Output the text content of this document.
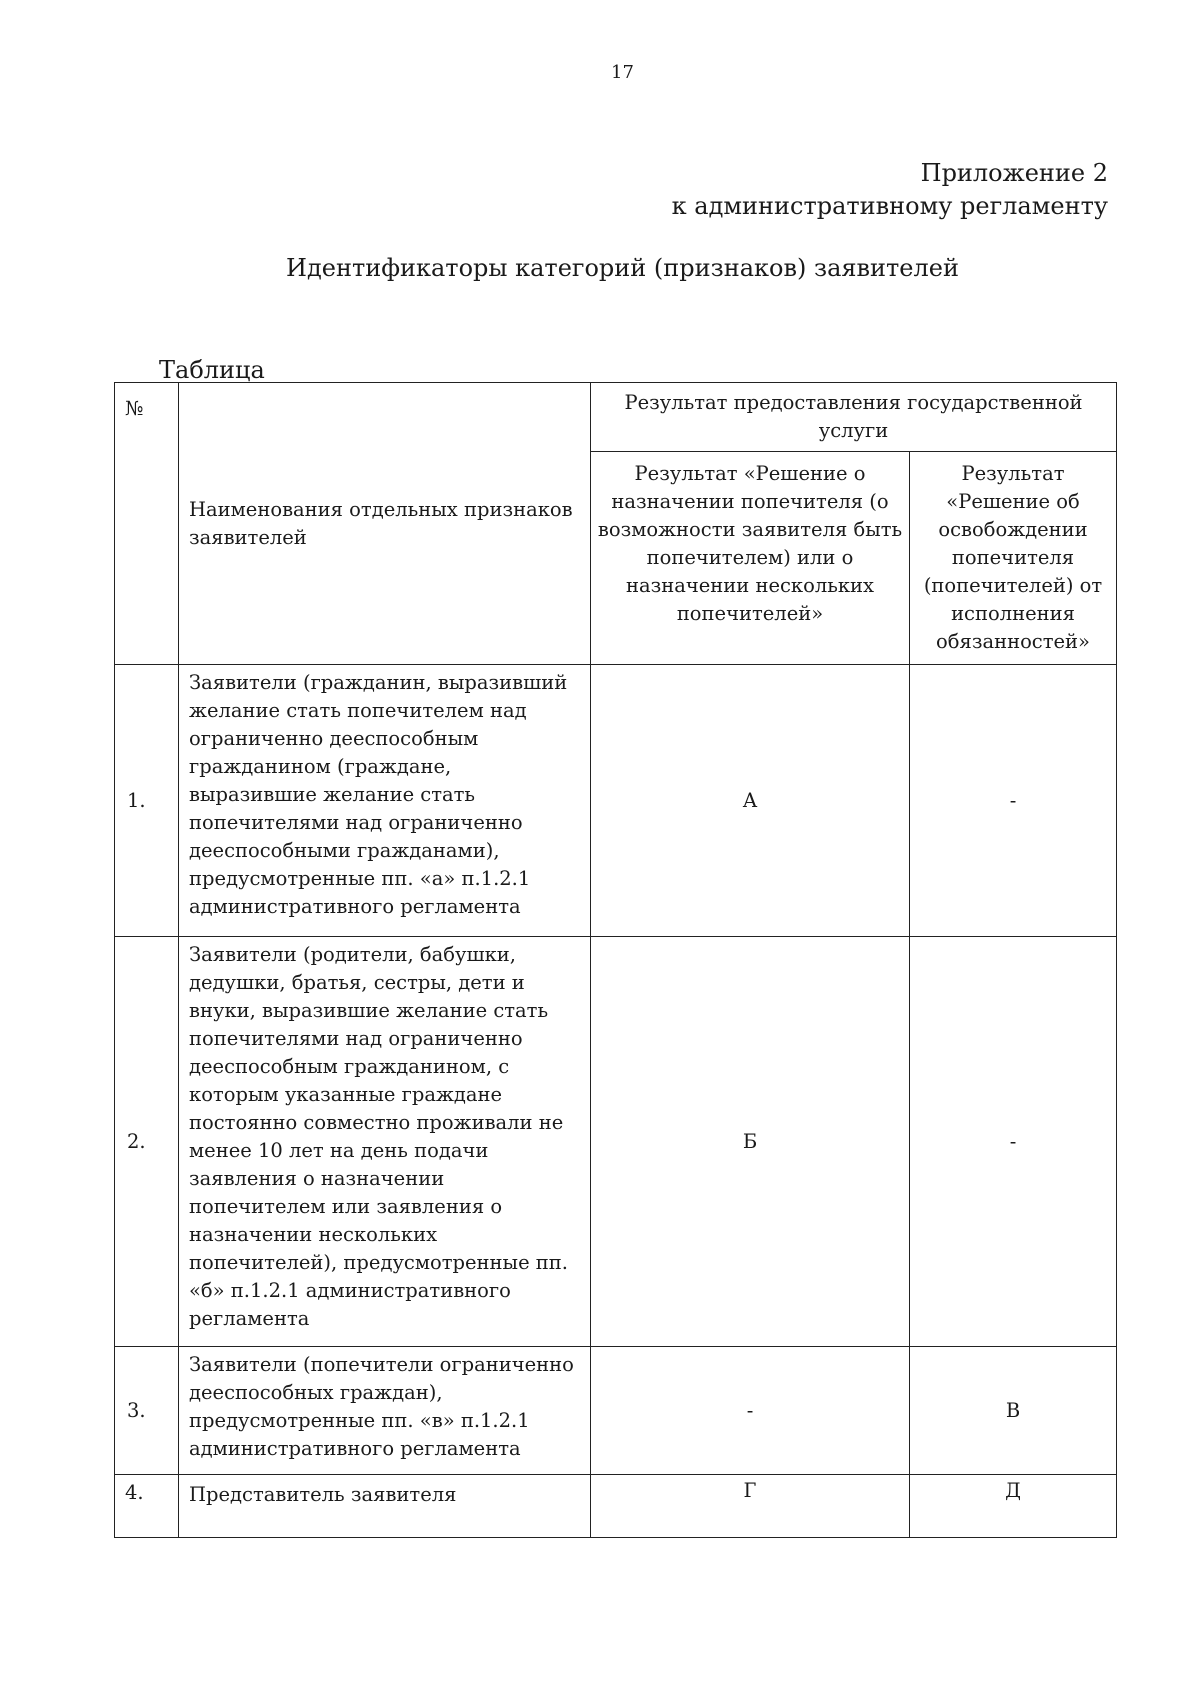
17
Приложение 2
к административному регламенту
Идентификаторы категорий (признаков) заявителей
Таблица
№	Наименования отдельных признаков заявителей	Результат предоставления государственной услуги	
		Результат «Решение о назначении попечителя (о возможности заявителя быть попечителем) или о назначении нескольких попечителей»	Результат «Решение об освобождении попечителя (попечителей) от исполнения обязанностей»
1.	Заявители (гражданин, выразивший желание стать попечителем над ограниченно дееспособным гражданином (граждане, выразившие желание стать попечителями над ограниченно дееспособными гражданами), предусмотренные пп. «а» п.1.2.1 административного регламента	А	-
2.	Заявители (родители, бабушки, дедушки, братья, сестры, дети и внуки, выразившие желание стать попечителями над ограниченно дееспособным гражданином, с которым указанные граждане постоянно совместно проживали не менее 10 лет на день подачи заявления о назначении попечителем или заявления о назначении нескольких попечителей), предусмотренные пп. «б» п.1.2.1 административного регламента	Б	-
3.	Заявители (попечители ограниченно дееспособных граждан), предусмотренные пп. «в» п.1.2.1 административного регламента	-	В
4.	Представитель заявителя	Г	Д
